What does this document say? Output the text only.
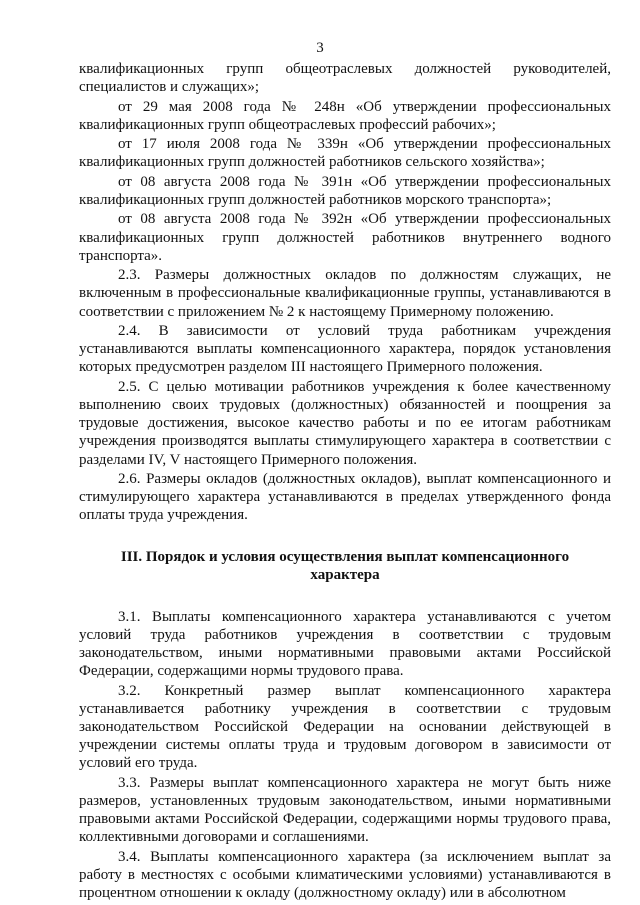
3

квалификационных групп общеотраслевых должностей руководителей, специалистов и служащих»;

от 29 мая 2008 года № 248н «Об утверждении профессиональных квалификационных групп общеотраслевых профессий рабочих»;

от 17 июля 2008 года № 339н «Об утверждении профессиональных квалификационных групп должностей работников сельского хозяйства»;

от 08 августа 2008 года № 391н «Об утверждении профессиональных квалификационных групп должностей работников морского транспорта»;

от 08 августа 2008 года № 392н «Об утверждении профессиональных квалификационных групп должностей работников внутреннего водного транспорта».

2.3. Размеры должностных окладов по должностям служащих, не включенным в профессиональные квалификационные группы, устанавливаются в соответствии с приложением № 2 к настоящему Примерному положению.

2.4. В зависимости от условий труда работникам учреждения устанавливаются выплаты компенсационного характера, порядок установления которых предусмотрен разделом III настоящего Примерного положения.

2.5. С целью мотивации работников учреждения к более качественному выполнению своих трудовых (должностных) обязанностей и поощрения за трудовые достижения, высокое качество работы и по ее итогам работникам учреждения производятся выплаты стимулирующего характера в соответствии с разделами IV, V настоящего Примерного положения.

2.6. Размеры окладов (должностных окладов), выплат компенсационного и стимулирующего характера устанавливаются в пределах утвержденного фонда оплаты труда учреждения.

III. Порядок и условия осуществления выплат компенсационного характера

3.1. Выплаты компенсационного характера устанавливаются с учетом условий труда работников учреждения в соответствии с трудовым законодательством, иными нормативными правовыми актами Российской Федерации, содержащими нормы трудового права.

3.2. Конкретный размер выплат компенсационного характера устанавливается работнику учреждения в соответствии с трудовым законодательством Российской Федерации на основании действующей в учреждении системы оплаты труда и трудовым договором в зависимости от условий его труда.

3.3. Размеры выплат компенсационного характера не могут быть ниже размеров, установленных трудовым законодательством, иными нормативными правовыми актами Российской Федерации, содержащими нормы трудового права, коллективными договорами и соглашениями.

3.4. Выплаты компенсационного характера (за исключением выплат за работу в местностях с особыми климатическими условиями) устанавливаются в процентном отношении к окладу (должностному окладу) или в абсолютном
